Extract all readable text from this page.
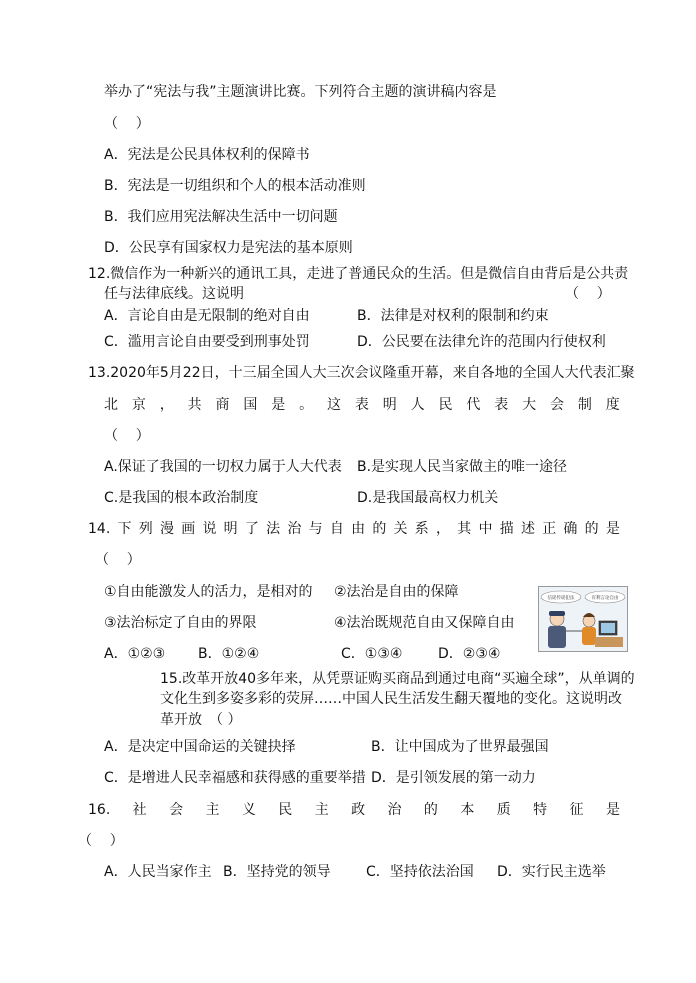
举办了“宪法与我”主题演讲比赛。下列符合主题的演讲稿内容是
（    ）
A．宪法是公民具体权利的保障书
B．宪法是一切组织和个人的根本活动准则
B．我们应用宪法解决生活中一切问题
D．公民享有国家权力是宪法的基本原则
12.微信作为一种新兴的通讯工具，走进了普通民众的生活。但是微信自由背后是公共责
任与法律底线。这说明	（    ）
A．言论自由是无限制的绝对自由	B．法律是对权利的限制和约束
C．滥用言论自由要受到刑事处罚	D．公民要在法律允许的范围内行使权利
13.2020年5月22日，十三届全国人大三次会议隆重开幕，来自各地的全国人大代表汇聚
北 京 ， 共 商 国 是 。 这 表 明 人 民 代 表 大 会 制 度
（    ）
A.保证了我国的一切权力属于人大代表 B.是实现人民当家做主的唯一途径
C.是我国的根本政治制度	D.是我国最高权力机关
14. 下 列 漫 画 说 明 了 法 治 与 自 由 的 关 系 ， 其 中 描 述 正 确 的 是
（    ）
①自由能激发人的活力，是相对的 ②法治是自由的保障
③法治标定了自由的界限	④法治既规范自由又保障自由
A．①②③ B．①②④	C．①③④	D．②③④
信谣传谣犯法	有利言论自由
15.改革开放40多年来，从凭票证购买商品到通过电商“买遍全球”，从单调的
文化生到多姿多彩的荧屏……中国人民生活发生翻天覆地的变化。这说明改
革开放　（ ）
A．是决定中国命运的关键抉择	B．让中国成为了世界最强国
C．是增进人民幸福感和获得感的重要举措 D．是引领发展的第一动力
16. 社 会 主 义 民 主 政 治 的 本 质 特 征 是
（    ）
A．人民当家作主 B．坚持党的领导	C．坚持依法治国 D．实行民主选举
